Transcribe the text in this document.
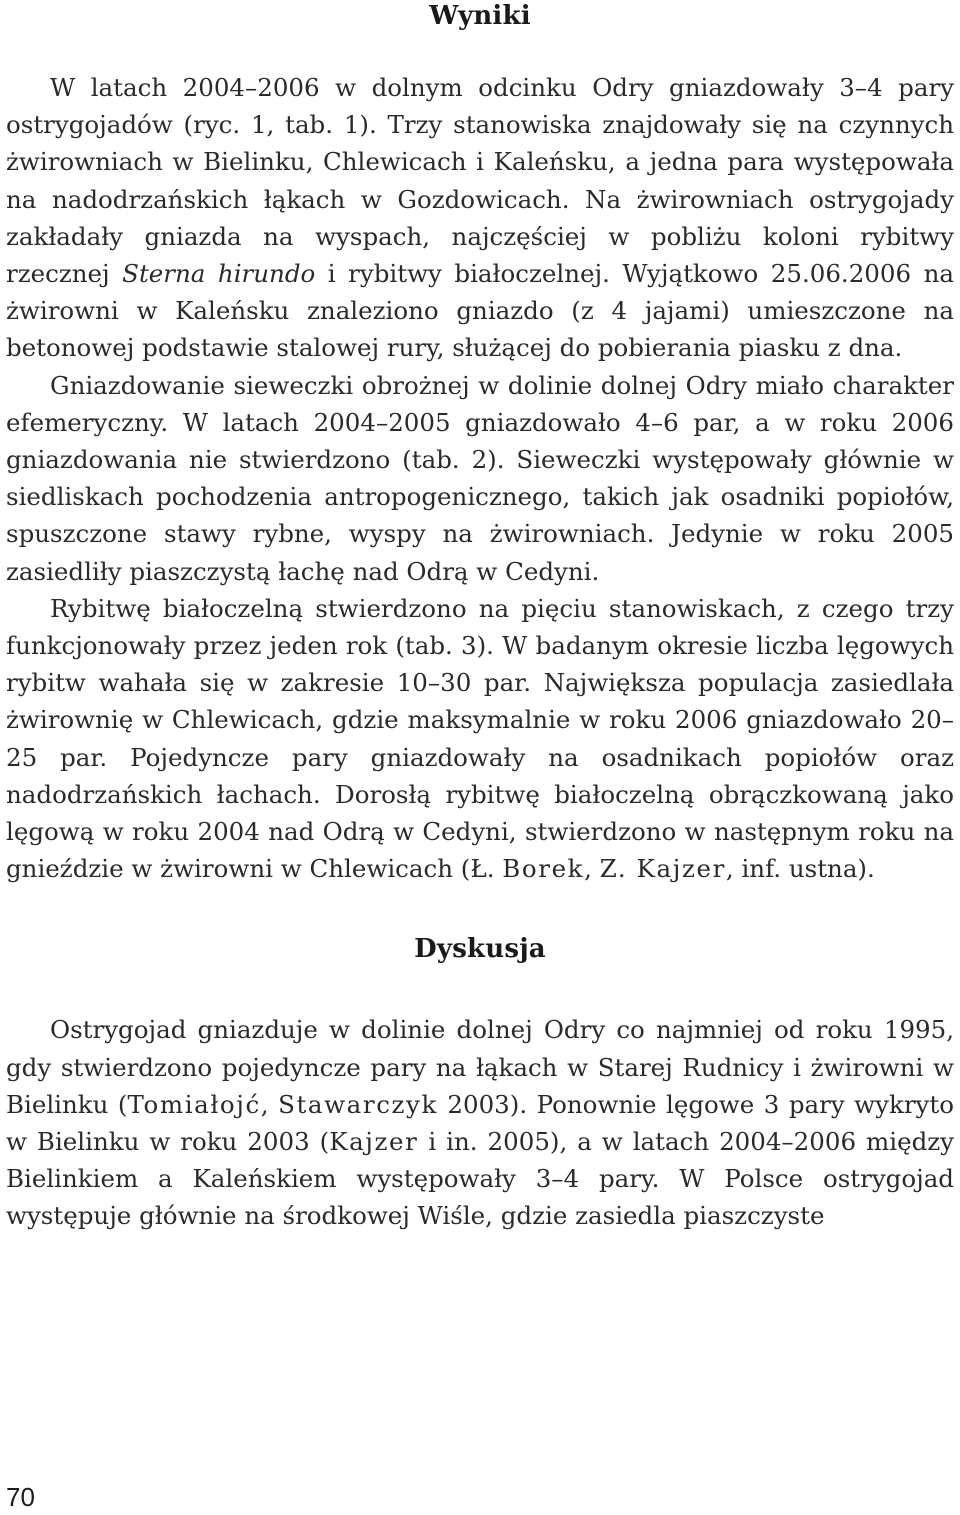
Wyniki

W latach 2004–2006 w dolnym odcinku Odry gniazdowały 3–4 pary ostrygojadów (ryc. 1, tab. 1). Trzy stanowiska znajdowały się na czynnych żwirowniach w Bielinku, Chlewicach i Kaleńsku, a jedna para występowała na nadodrzańskich łąkach w Gozdowicach. Na żwirowniach ostrygojady zakładały gniazda na wyspach, najczęściej w pobliżu koloni rybitwy rzecznej Sterna hirundo i rybitwy białoczelnej. Wyjątkowo 25.06.2006 na żwirowni w Kaleńsku znaleziono gniazdo (z 4 jajami) umieszczone na betonowej podstawie stalowej rury, służącej do pobierania piasku z dna.

Gniazdowanie sieweczki obrożnej w dolinie dolnej Odry miało charakter efemeryczny. W latach 2004–2005 gniazdowało 4–6 par, a w roku 2006 gniazdowania nie stwierdzono (tab. 2). Sieweczki występowały głównie w siedliskach pochodzenia antropogenicznego, takich jak osadniki popiołów, spuszczone stawy rybne, wyspy na żwirowniach. Jedynie w roku 2005 zasiedliły piaszczystą łachę nad Odrą w Cedyni.

Rybitwę białoczelną stwierdzono na pięciu stanowiskach, z czego trzy funkcjonowały przez jeden rok (tab. 3). W badanym okresie liczba lęgowych rybitw wahała się w zakresie 10–30 par. Największa populacja zasiedlała żwirownię w Chlewicach, gdzie maksymalnie w roku 2006 gniazdowało 20–25 par. Pojedyncze pary gniazdowały na osadnikach popiołów oraz nadodrzańskich łachach. Dorosłą rybitwę białoczelną obrączkowaną jako lęgową w roku 2004 nad Odrą w Cedyni, stwierdzono w następnym roku na gnieździe w żwirowni w Chlewicach (Ł. Borek, Z. Kajzer, inf. ustna).

Dyskusja

Ostrygojad gniazduje w dolinie dolnej Odry co najmniej od roku 1995, gdy stwierdzono pojedyncze pary na łąkach w Starej Rudnicy i żwirowni w Bielinku (Tomiałojć, Stawarczyk 2003). Ponownie lęgowe 3 pary wykryto w Bielinku w roku 2003 (Kajzer i in. 2005), a w latach 2004–2006 między Bielinkiem a Kaleńskiem występowały 3–4 pary. W Polsce ostrygojad występuje głównie na środkowej Wiśle, gdzie zasiedla piaszczyste

70
